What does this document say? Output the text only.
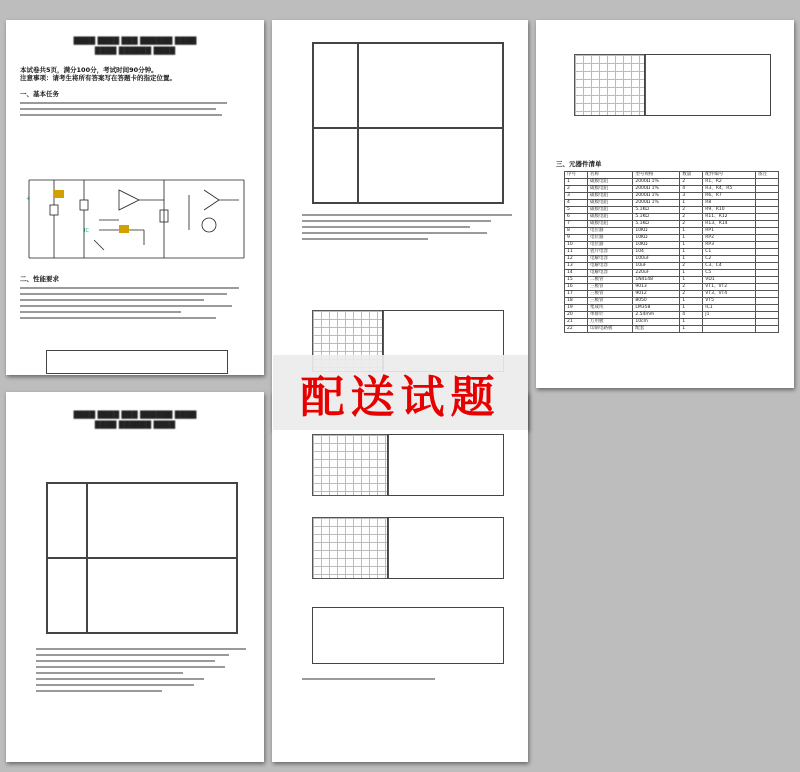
████ ████ ███ ██████ ████
████ ██████ ████
本试卷共5页，满分100分，考试时间90分钟。
注意事项：请考生将所有答案写在答题卡的指定位置。
一、基本任务
+
IC
二、性能要求
三、元器件清单
序号	名称	型号规格	数量	配件编号	备注
1	碳膜电阻	2000Ω 1%	2	R1、R2	
2	碳膜电阻	2000Ω 1%	4	R3、R4、R5	
3	碳膜电阻	2000Ω 1%	3	R6、R7	
4	碳膜电阻	2000Ω 1%	1	R8	
5	碳膜电阻	5.1KΩ	2	R9、R10	
6	碳膜电阻	5.1KΩ	2	R11、R12	
7	碳膜电阻	5.1KΩ	2	R13、R14	
8	电位器	10KΩ	1	RP1	
9	电位器	10KΩ	1	RP2	
10	电位器	10KΩ	1	RP3	
11	瓷片电容	104	1	C1	
12	电解电容	100uF	1	C2	
13	电解电容	10uF	2	C3、C4	
14	电解电容	220uF	1	C5	
15	二极管	1N4148	1	VD1	
16	三极管	9013	2	VT1、VT2	
17	三极管	9012	2	VT3、VT4	
18	三极管	8050	1	VT5	
19	集成块	LM358	1	IC1	
20	单排针	2.54mm	4	J1	
21	万用板	10cm	1		
22	印制电路板	配套	1		
████ ████ ███ ██████ ████
████ ██████ ████
配送试题
